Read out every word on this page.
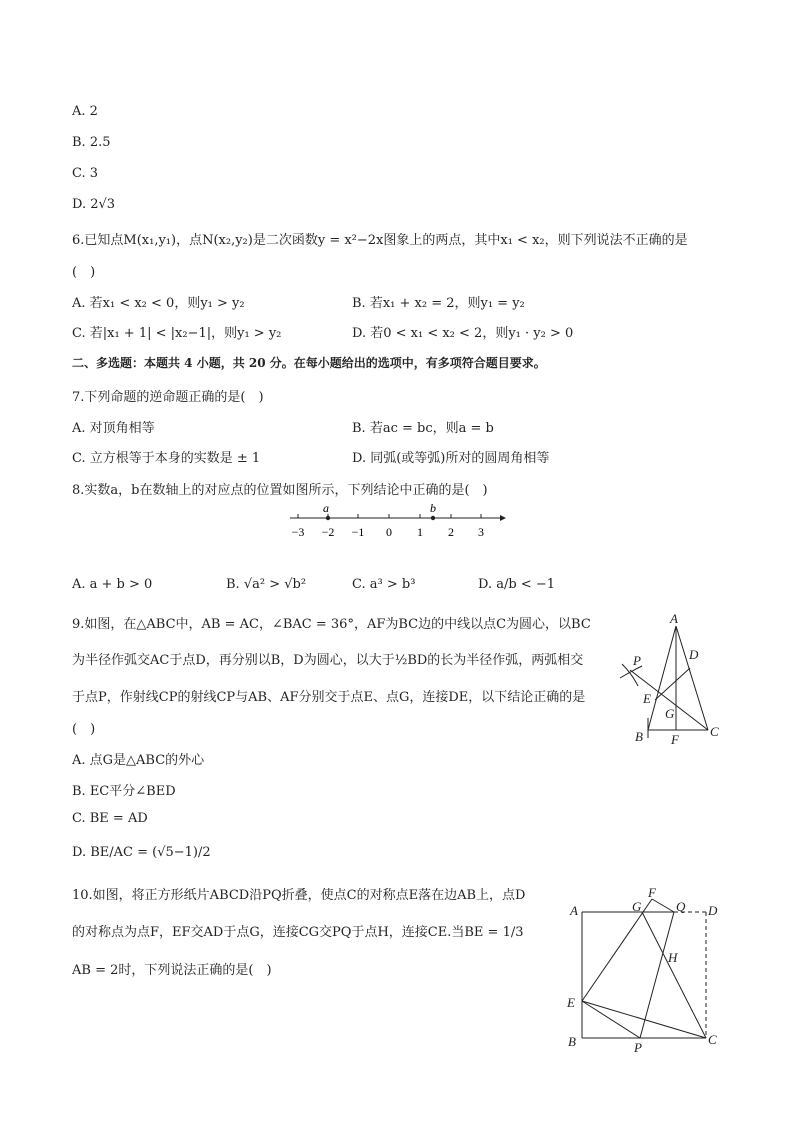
A. 2
B. 2.5
C. 3
D. 2√3
6.已知点M(x₁,y₁)，点N(x₂,y₂)是二次函数y = x²−2x图象上的两点，其中x₁ < x₂，则下列说法不正确的是
(　)
A. 若x₁ < x₂ < 0，则y₁ > y₂	B. 若x₁ + x₂ = 2，则y₁ = y₂
C. 若|x₁ + 1| < |x₂−1|，则y₁ > y₂	D. 若0 < x₁ < x₂ < 2，则y₁ · y₂ > 0
二、多选题：本题共 4 小题，共 20 分。在每小题给出的选项中，有多项符合题目要求。
7.下列命题的逆命题正确的是(　)
A. 对顶角相等	B. 若ac = bc，则a = b
C. 立方根等于本身的实数是 ± 1	D. 同弧(或等弧)所对的圆周角相等
8.实数a，b在数轴上的对应点的位置如图所示，下列结论中正确的是(　)
−3 −2 −1 0 1 2 3
a	b
A. a + b > 0	B. √a² > √b²	C. a³ > b³	D. a/b < −1
9.如图，在△ABC中，AB = AC，∠BAC = 36°，AF为BC边的中线以点C为圆心，以BC
为半径作弧交AC于点D，再分别以B，D为圆心，以大于½BD的长为半径作弧，两弧相交
于点P，作射线CP的射线CP与AB、AF分别交于点E、点G，连接DE，以下结论正确的是
(　)
A. 点G是△ABC的外心
B. EC平分∠BED
C. BE = AD
D. BE/AC = (√5−1)/2
A
B	C
D
E
F
G
P
10.如图，将正方形纸片ABCD沿PQ折叠，使点C的对称点E落在边AB上，点D
的对称点为点F，EF交AD于点G，连接CG交PQ于点H，连接CE.当BE = 1/3
AB = 2时，下列说法正确的是(　)
A
B	C
D
E
F
G
H
P
Q
